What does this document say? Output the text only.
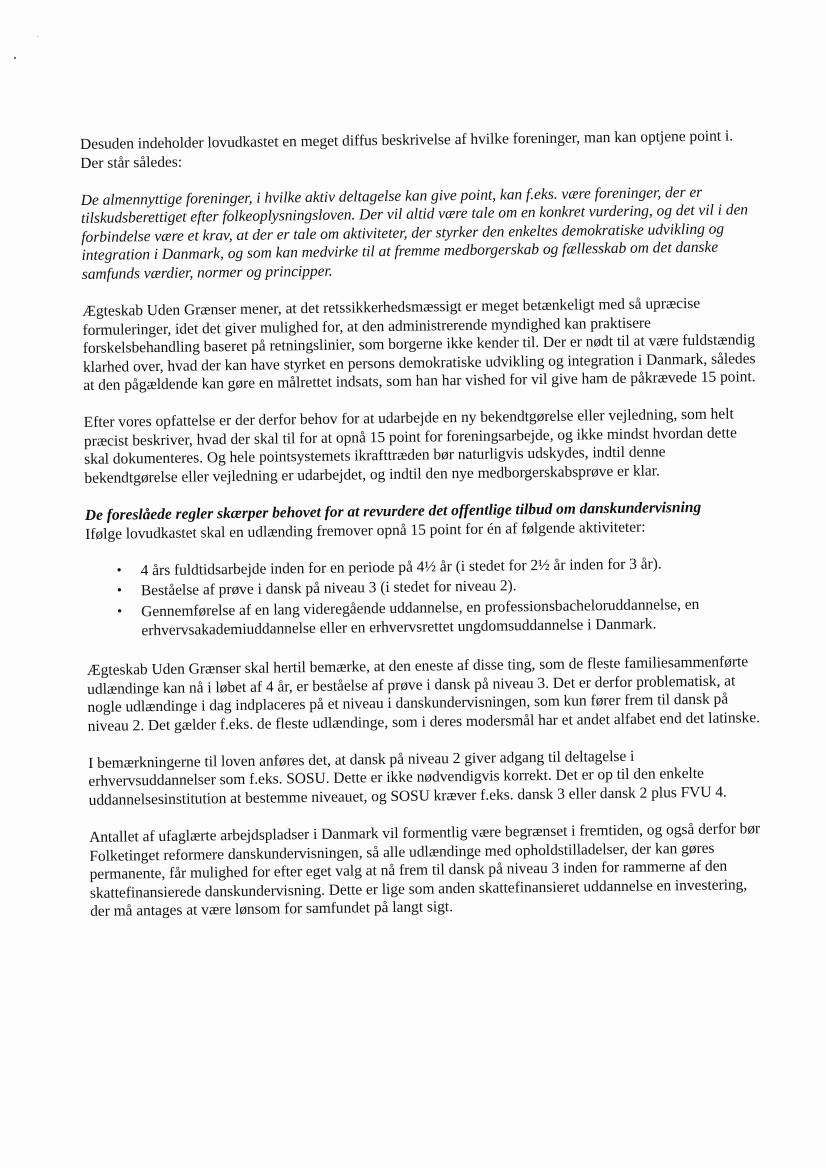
Desuden indeholder lovudkastet en meget diffus beskrivelse af hvilke foreninger, man kan optjene point i. Der står således:

De almennyttige foreninger, i hvilke aktiv deltagelse kan give point, kan f.eks. være foreninger, der er tilskudsberettiget efter folkeoplysningsloven. Der vil altid være tale om en konkret vurdering, og det vil i den forbindelse være et krav, at der er tale om aktiviteter, der styrker den enkeltes demokratiske udvikling og integration i Danmark, og som kan medvirke til at fremme medborgerskab og fællesskab om det danske samfunds værdier, normer og principper.

Ægteskab Uden Grænser mener, at det retssikkerhedsmæssigt er meget betænkeligt med så upræcise formuleringer, idet det giver mulighed for, at den administrerende myndighed kan praktisere forskelsbehandling baseret på retningslinier, som borgerne ikke kender til. Der er nødt til at være fuldstændig klarhed over, hvad der kan have styrket en persons demokratiske udvikling og integration i Danmark, således at den pågældende kan gøre en målrettet indsats, som han har vished for vil give ham de påkrævede 15 point.

Efter vores opfattelse er der derfor behov for at udarbejde en ny bekendtgørelse eller vejledning, som helt præcist beskriver, hvad der skal til for at opnå 15 point for foreningsarbejde, og ikke mindst hvordan dette skal dokumenteres. Og hele pointsystemets ikrafttræden bør naturligvis udskydes, indtil denne bekendtgørelse eller vejledning er udarbejdet, og indtil den nye medborgerskabsprøve er klar.

De foreslåede regler skærper behovet for at revurdere det offentlige tilbud om danskundervisning

Ifølge lovudkastet skal en udlænding fremover opnå 15 point for én af følgende aktiviteter:

• 4 års fuldtidsarbejde inden for en periode på 4½ år (i stedet for 2½ år inden for 3 år).
• Beståelse af prøve i dansk på niveau 3 (i stedet for niveau 2).
• Gennemførelse af en lang videregående uddannelse, en professionsbacheloruddannelse, en erhvervsakademiuddannelse eller en erhvervsrettet ungdomsuddannelse i Danmark.

Ægteskab Uden Grænser skal hertil bemærke, at den eneste af disse ting, som de fleste familiesammenførte udlændinge kan nå i løbet af 4 år, er beståelse af prøve i dansk på niveau 3. Det er derfor problematisk, at nogle udlændinge i dag indplaceres på et niveau i danskundervisningen, som kun fører frem til dansk på niveau 2. Det gælder f.eks. de fleste udlændinge, som i deres modersmål har et andet alfabet end det latinske.

I bemærkningerne til loven anføres det, at dansk på niveau 2 giver adgang til deltagelse i erhvervsuddannelser som f.eks. SOSU. Dette er ikke nødvendigvis korrekt. Det er op til den enkelte uddannelsesinstitution at bestemme niveauet, og SOSU kræver f.eks. dansk 3 eller dansk 2 plus FVU 4.

Antallet af ufaglærte arbejdspladser i Danmark vil formentlig være begrænset i fremtiden, og også derfor bør Folketinget reformere danskundervisningen, så alle udlændinge med opholdstilladelser, der kan gøres permanente, får mulighed for efter eget valg at nå frem til dansk på niveau 3 inden for rammerne af den skattefinansierede danskundervisning. Dette er lige som anden skattefinansieret uddannelse en investering, der må antages at være lønsom for samfundet på langt sigt.
